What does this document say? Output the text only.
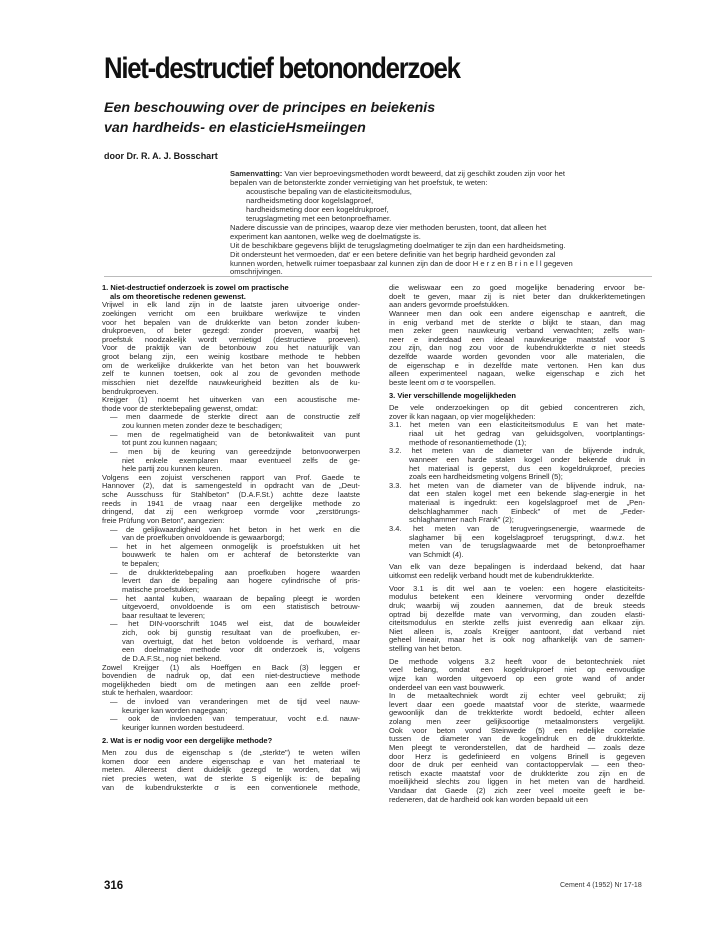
Niet-destructief betononderzoek
Een beschouwing over de principes en beiekenis
van hardheids- en elasticieHsmeiingen
door Dr. R. A. J. Bosschart
Samenvatting: Van vier beproevingsmethoden wordt beweerd, dat zij geschikt zouden zijn voor het
bepalen van de betonsterkte zonder vernietiging van het proefstuk, te weten:
acoustische bepaling van de elasticiteitsmodulus,
nardheidsmeting door kogelslagproef,
hardheidsmeting door een kogeldrukproef,
terugslagmeting met een betonproefhamer.
Nadere discussie van de principes, waarop deze vier methoden berusten, toont, dat alleen het
experiment kan aantonen, welke weg de doelmatigste is.
Uit de beschikbare gegevens blijkt de terugslagmeting doelmatiger te zijn dan een hardheidsmeting.
Dit ondersteunt het vermoeden, dat' er een betere definitie van het begrip hardheid gevonden zal
kunnen worden, hetwelk ruimer toepasbaar zal kunnen zijn dan de door H e r z en B r i n e l l gegeven
omschrijvingen.
1. Niet-destructief onderzoek is zowel om practische
als om theoretische redenen gewenst.
Vrijwel in elk land zijn in de laatste jaren uitvoerige onder-
zoekingen verricht om een bruikbare werkwijze te vinden
voor het bepalen van de drukkerkte van beton zonder kuben-
drukproeven, of beter gezegd: zonder proeven, waarbij het
proefstuk noodzakelijk wordt vernietigd (destructieve proeven).
Voor de praktijk van de betonbouw zou het natuurlijk van
groot belang zijn, een weinig kostbare methode te hebben
om de werkelijke drukkerkte van het beton van het bouwwerk
zelf te kunnen toetsen, ook al zou de gevonden methode
misschien niet dezelfde nauwkeurigheid bezitten als de ku-
bendrukproeven.
Kreijger (1) noemt het uitwerken van een acoustische me-
thode voor de sterktebepaling gewenst, omdat:
— men daarmede de sterkte direct aan de constructie zelf
zou kunnen meten zonder deze te beschadigen;
— men de regelmatigheid van de betonkwaliteit van punt
tot punt zou kunnen nagaan;
— men bij de keuring van gereedzijnde betonvoorwerpen
niet enkele exemplaren maar eventueel zelfs de ge-
hele partij zou kunnen keuren.
Volgens een zojuist verschenen rapport van Prof. Gaede te
Hannover (2), dat is samengesteld in opdracht van de „Deut-
sche Ausschuss für Stahlbeton" (D.A.F.St.) achtte deze laatste
reeds in 1941 de vraag naar een dergelijke methode zo
dringend, dat zij een werkgroep vormde voor „zerstörungs-
freie Prüfung von Beton", aangezien:
— de gelijkwaardigheid van het beton in het werk en die
van de proefkuben onvoldoende is gewaarborgd;
— het in het algemeen onmogelijk is proefstukken uit het
bouwwerk te halen om er achteraf de betonsterkte van
te bepalen;
— de drukkterktebepaling aan proefkuben hogere waarden
levert dan de bepaling aan hogere cylindrische of pris-
matische proefstukken;
— het aantal kuben, waaraan de bepaling pleegt ie worden
uitgevoerd, onvoldoende is om een statistisch betrouw-
baar resultaat te leveren;
— het DIN-voorschrift 1045 wel eist, dat de bouwleider
zich, ook bij gunstig resultaat van de proefkuben, er-
van overtuigt, dat het beton voldoende is verhard, maar
een doelmatige methode voor dit onderzoek is, volgens
de D.A.F.St., nog niet bekend.
Zowel Kreijger (1) als Hoeffgen en Back (3) leggen er
bovendien de nadruk op, dat een niet-destructieve methode
mogelijkheden biedt om de metingen aan een zelfde proef-
stuk te herhalen, waardoor:
— de invloed van veranderingen met de tijd veel nauw-
keuriger kan worden nagegaan;
— ook de invloeden van temperatuur, vocht e.d. nauw-
keuriger kunnen worden bestudeerd.
2. Wat is er nodig voor een dergelijke methode?
Men zou dus de eigenschap s (de „sterkte") te weten willen
komen door een andere eigenschap e van het materiaal te
meten. Allereerst dient duidelijk gezegd te worden, dat wij
niet precies weten, wat de sterkte S eigenlijk is: de bepaling
van de kubendruksterkte σ is een conventionele methode,
die weliswaar een zo goed mogelijke benadering ervoor be-
doelt te geven, maar zij is niet beter dan drukkerktemetingen
aan anders gevormde proefstukken.
Wanneer men dan ook een andere eigenschap e aantreft, die
in enig verband met de sterkte σ blijkt te staan, dan mag
men zeker geen nauwkeurig verband verwachten; zelfs wan-
neer e inderdaad een ideaal nauwkeurige maatstaf voor S
zou zijn, dan nog zou voor de kubendrukkterkte σ niet steeds
dezelfde waarde worden gevonden voor alle materialen, die
de eigenschap e in dezelfde mate vertonen. Hen kan dus
alleen experimenteel nagaan, welke eigenschap e zich het
beste leent om σ te voorspellen.
3. Vier verschillende mogelijkheden
De vele onderzoekingen op dit gebied concentreren zich,
zover ik kan nagaan, op vier mogelijkheden:
3.1. het meten van een elasticiteitsmodulus E van het mate-
riaal uit het gedrag van geluidsgolven, voortplantings-
methode of resonantiemethode (1);
3.2. het meten van de diameter van de blijvende indruk,
wanneer een harde stalen kogel onder bekende druk in
het materiaal is geperst, dus een kogeldrukproef, precies
zoals een hardheidsmeting volgens Brinell (5);
3.3. het meten van de diameter van de blijvende indruk, na-
dat een stalen kogel met een bekende slag-energie in het
materiaal is ingedrukt: een kogelslagproef met de „Pen-
delschlaghammer nach Einbeck" of met de „Feder-
schlaghammer nach Frank" (2);
3.4. het meten van de terugveringsenergie, waarmede de
slaghamer bij een kogelslagproef terugspringt, d.w.z. het
meten van de terugslagwaarde met de betonproefhamer
van Schmidt (4).
Van elk van deze bepalingen is inderdaad bekend, dat haar
uitkomst een redelijk verband houdt met de kubendrukkterkte.
Voor 3.1 is dit wel aan te voelen: een hogere elasticiteits-
modulus betekent een kleinere vervorming onder dezelfde
druk; waarbij wij zouden aannemen, dat de breuk steeds
optrad bij dezelfde mate van vervorming, dan zouden elasti-
citeitsmodulus en sterkte zelfs juist evenredig aan elkaar zijn.
Niet alleen is, zoals Kreijger aantoont, dat verband niet
geheel lineair, maar het is ook nog afhankelijk van de samen-
stelling van het beton.
De methode volgens 3.2 heeft voor de betontechniek niet
veel belang, omdat een kogeldrukproef niet op eenvoudige
wijze kan worden uitgevoerd op een grote wand of ander
onderdeel van een vast bouwwerk.
In de metaaltechniek wordt zij echter veel gebruikt; zij
levert daar een goede maatstaf voor de sterkte, waarmede
gewoonlijk dan de trekkterkte wordt bedoeld, echter alleen
zolang men zeer gelijksoortige metaalmonsters vergelijkt.
Ook voor beton vond Steinwede (5) een redelijke correlatie
tussen de diameter van de kogelindruk en de drukkterkte.
Men pleegt te veronderstellen, dat de hardheid — zoals deze
door Herz is gedefinieerd en volgens Brinell is gegeven
door de druk per eenheid van contactoppervlak — een theo-
retisch exacte maatstaf voor de drukkterkte zou zijn en de
moeilijkheid slechts zou liggen in het meten van de hardheid.
Vandaar dat Gaede (2) zich zeer veel moeite geeft ie be-
redeneren, dat de hardheid ook kan worden bepaald uit een
316	Cement 4 (1952) Nr 17-18
